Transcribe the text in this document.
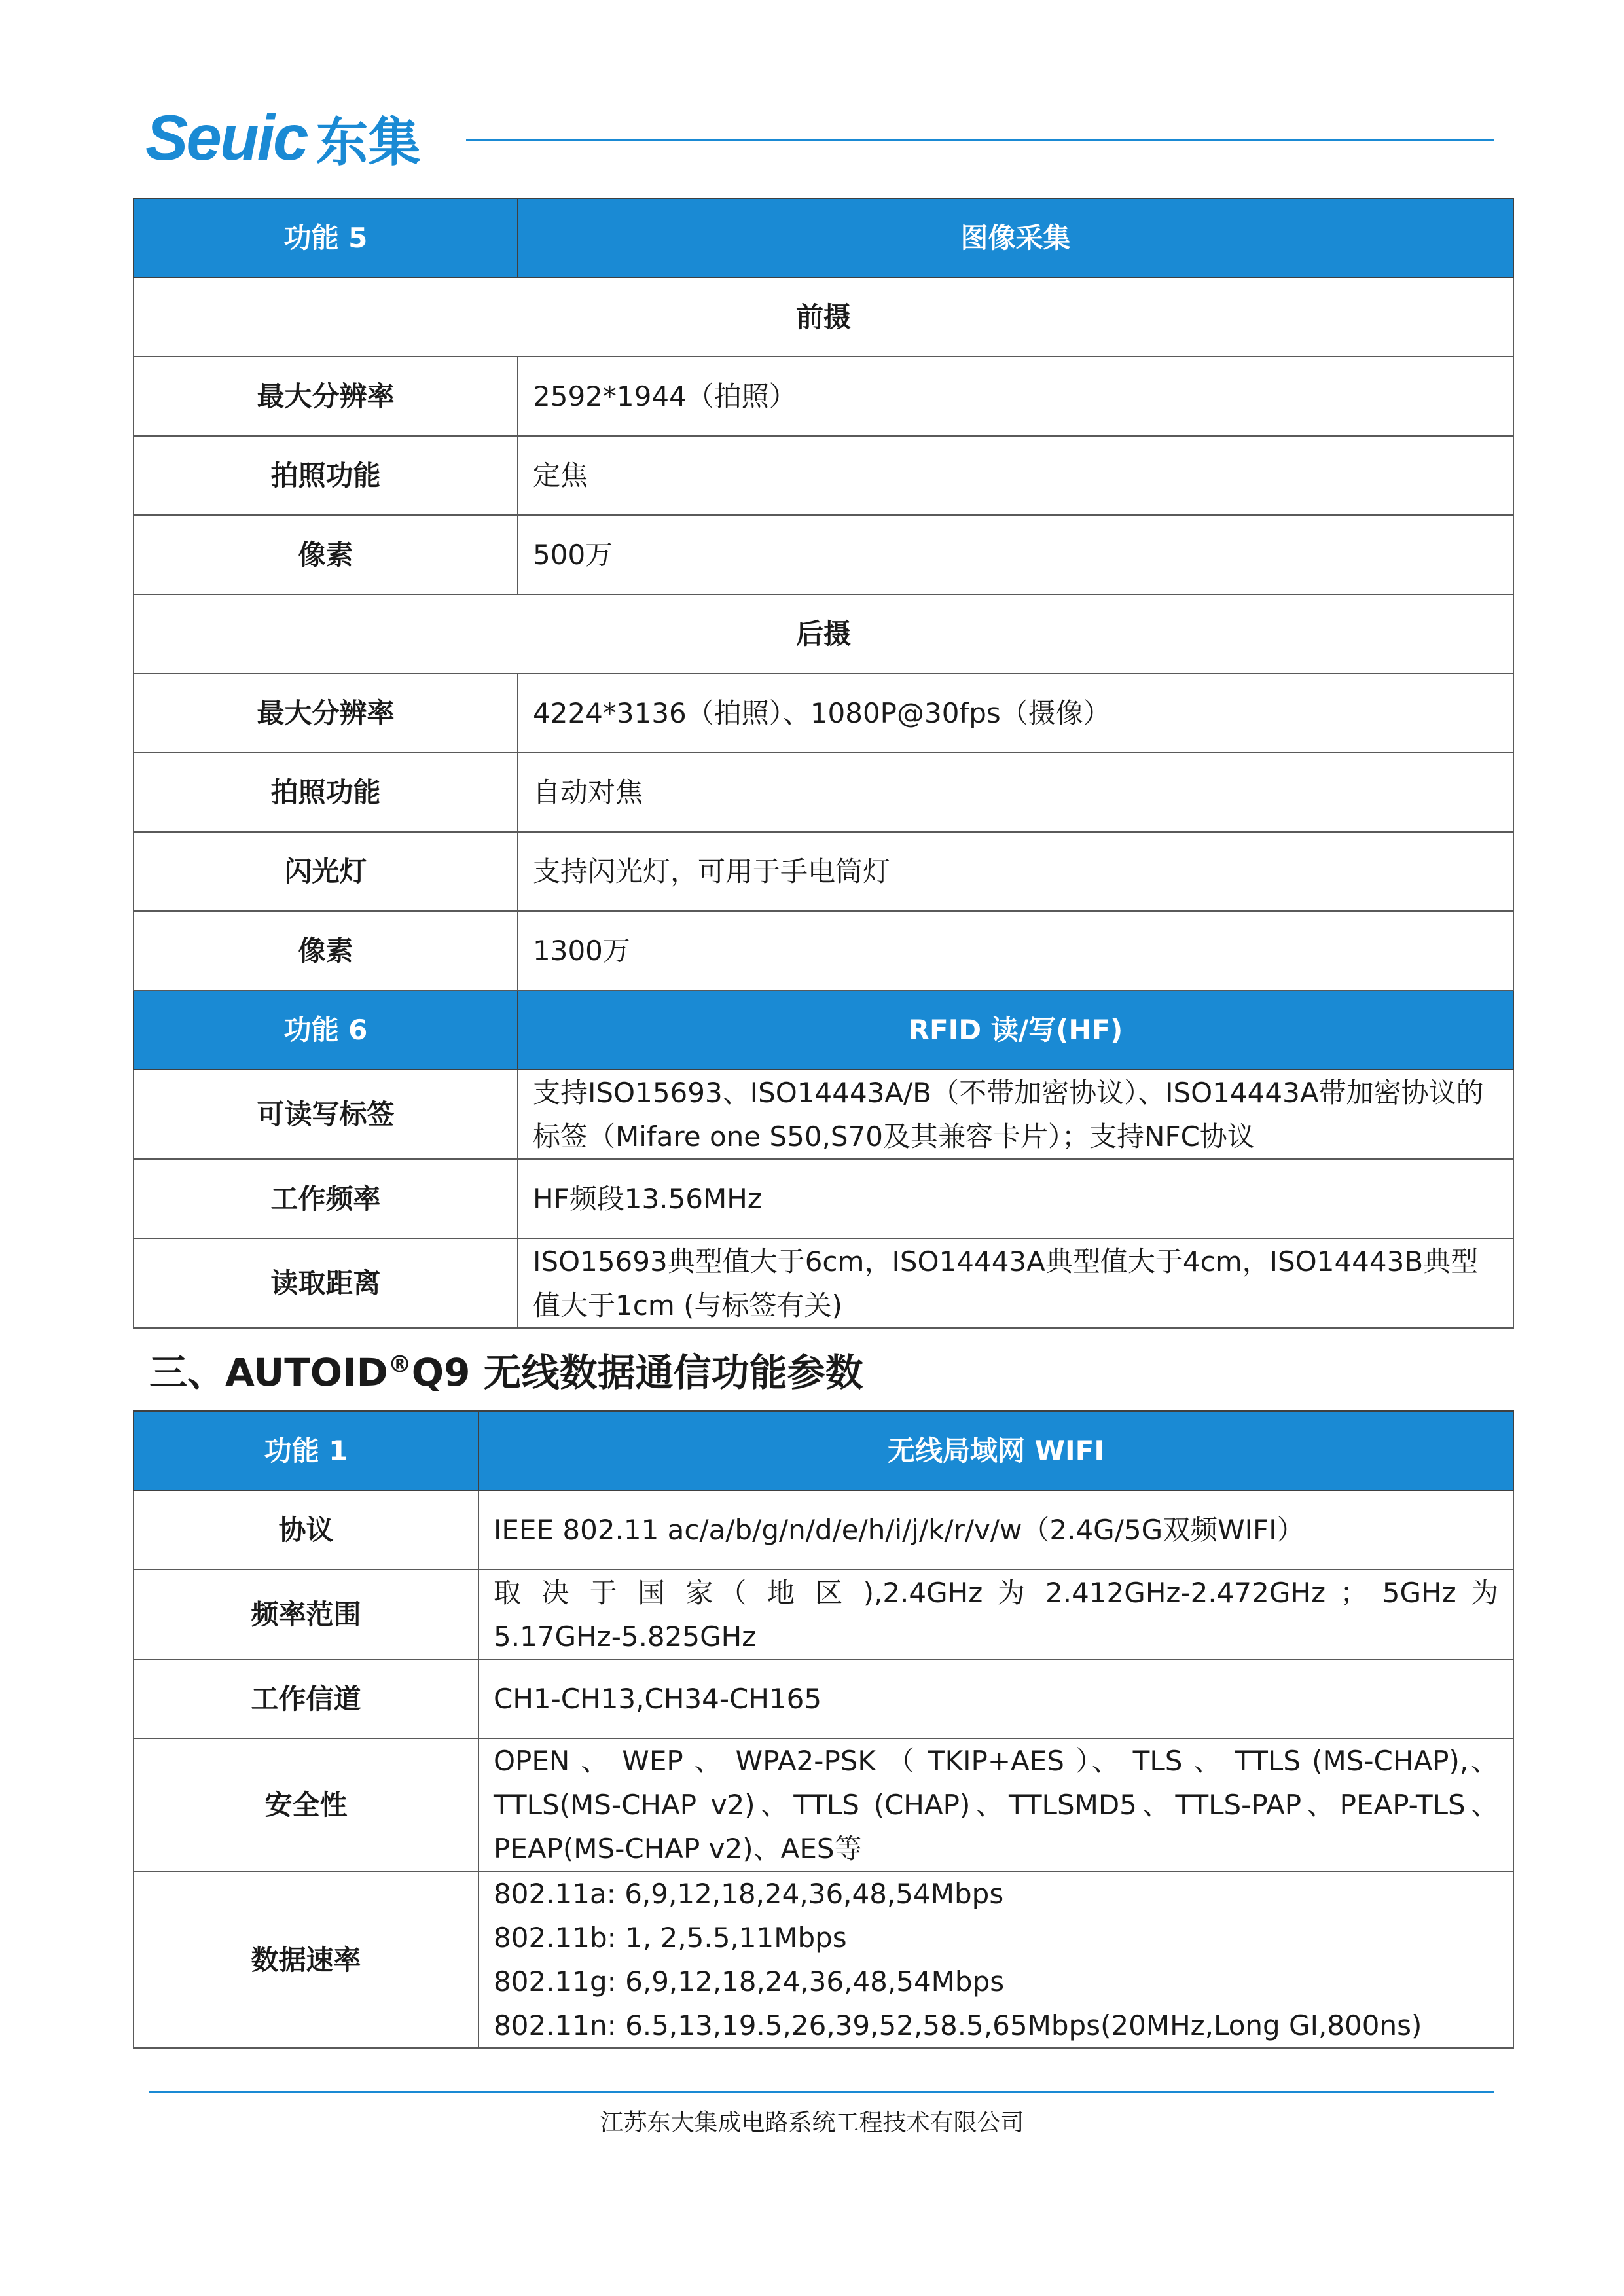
Seuic 东集
功能 5	图像采集
前摄	
最大分辨率	2592*1944（拍照）
拍照功能	定焦
像素	500万
后摄	
最大分辨率	4224*3136（拍照）、1080P@30fps（摄像）
拍照功能	自动对焦
闪光灯	支持闪光灯，可用于手电筒灯
像素	1300万
功能 6	RFID 读/写(HF)
可读写标签	支持ISO15693、ISO14443A/B（不带加密协议）、ISO14443A带加密协议的标签（Mifare one S50,S70及其兼容卡片）；支持NFC协议
工作频率	HF频段13.56MHz
读取距离	ISO15693典型值大于6cm，ISO14443A典型值大于4cm，ISO14443B典型值大于1cm (与标签有关)
三、AUTOID®Q9 无线数据通信功能参数
功能 1	无线局域网 WIFI
协议	IEEE 802.11 ac/a/b/g/n/d/e/h/i/j/k/r/v/w（2.4G/5G双频WIFI）
频率范围	取 决 于 国 家（ 地 区 ),2.4GHz 为 2.412GHz-2.472GHz ； 5GHz 为 5.17GHz-5.825GHz
工作信道	CH1-CH13,CH34-CH165
安全性	OPEN 、 WEP 、 WPA2-PSK （ TKIP+AES ）、 TLS 、 TTLS (MS-CHAP),、TTLS(MS-CHAP v2)、TTLS (CHAP)、TTLSMD5、TTLS-PAP、PEAP-TLS、PEAP(MS-CHAP v2)、AES等
数据速率	802.11a: 6,9,12,18,24,36,48,54Mbps
802.11b: 1, 2,5.5,11Mbps
802.11g: 6,9,12,18,24,36,48,54Mbps
802.11n: 6.5,13,19.5,26,39,52,58.5,65Mbps(20MHz,Long GI,800ns)
江苏东大集成电路系统工程技术有限公司
